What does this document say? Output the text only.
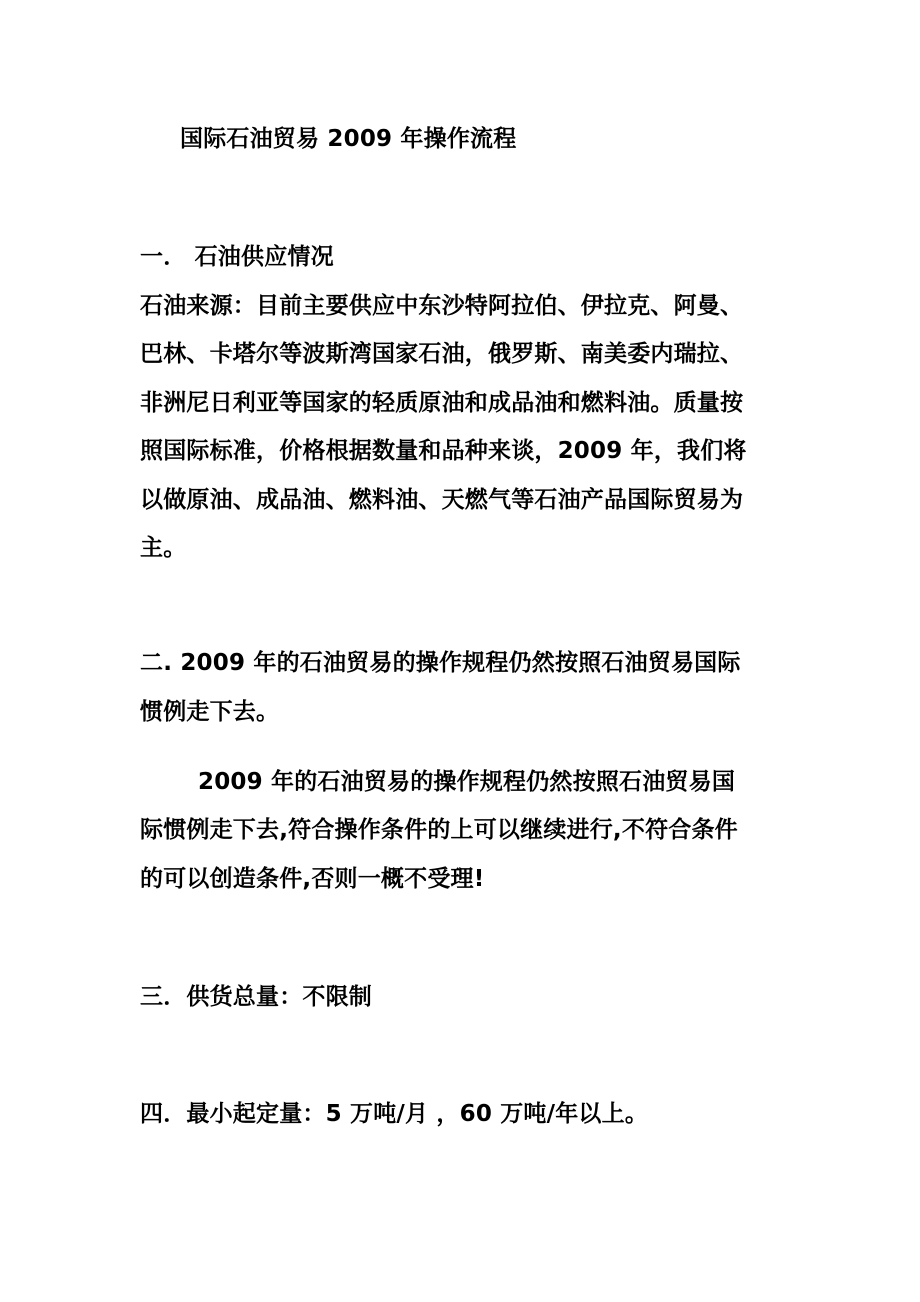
国际石油贸易 2009 年操作流程
一． 石油供应情况
石油来源：目前主要供应中东沙特阿拉伯、伊拉克、阿曼、
巴林、卡塔尔等波斯湾国家石油，俄罗斯、南美委内瑞拉、
非洲尼日利亚等国家的轻质原油和成品油和燃料油。质量按
照国际标准，价格根据数量和品种来谈，2009 年，我们将
以做原油、成品油、燃料油、天燃气等石油产品国际贸易为
主。
二. 2009 年的石油贸易的操作规程仍然按照石油贸易国际
惯例走下去。
2009 年的石油贸易的操作规程仍然按照石油贸易国
际惯例走下去,符合操作条件的上可以继续进行,不符合条件
的可以创造条件,否则一概不受理!
三．供货总量：不限制
四．最小起定量：5 万吨/月 ，60 万吨/年以上。
